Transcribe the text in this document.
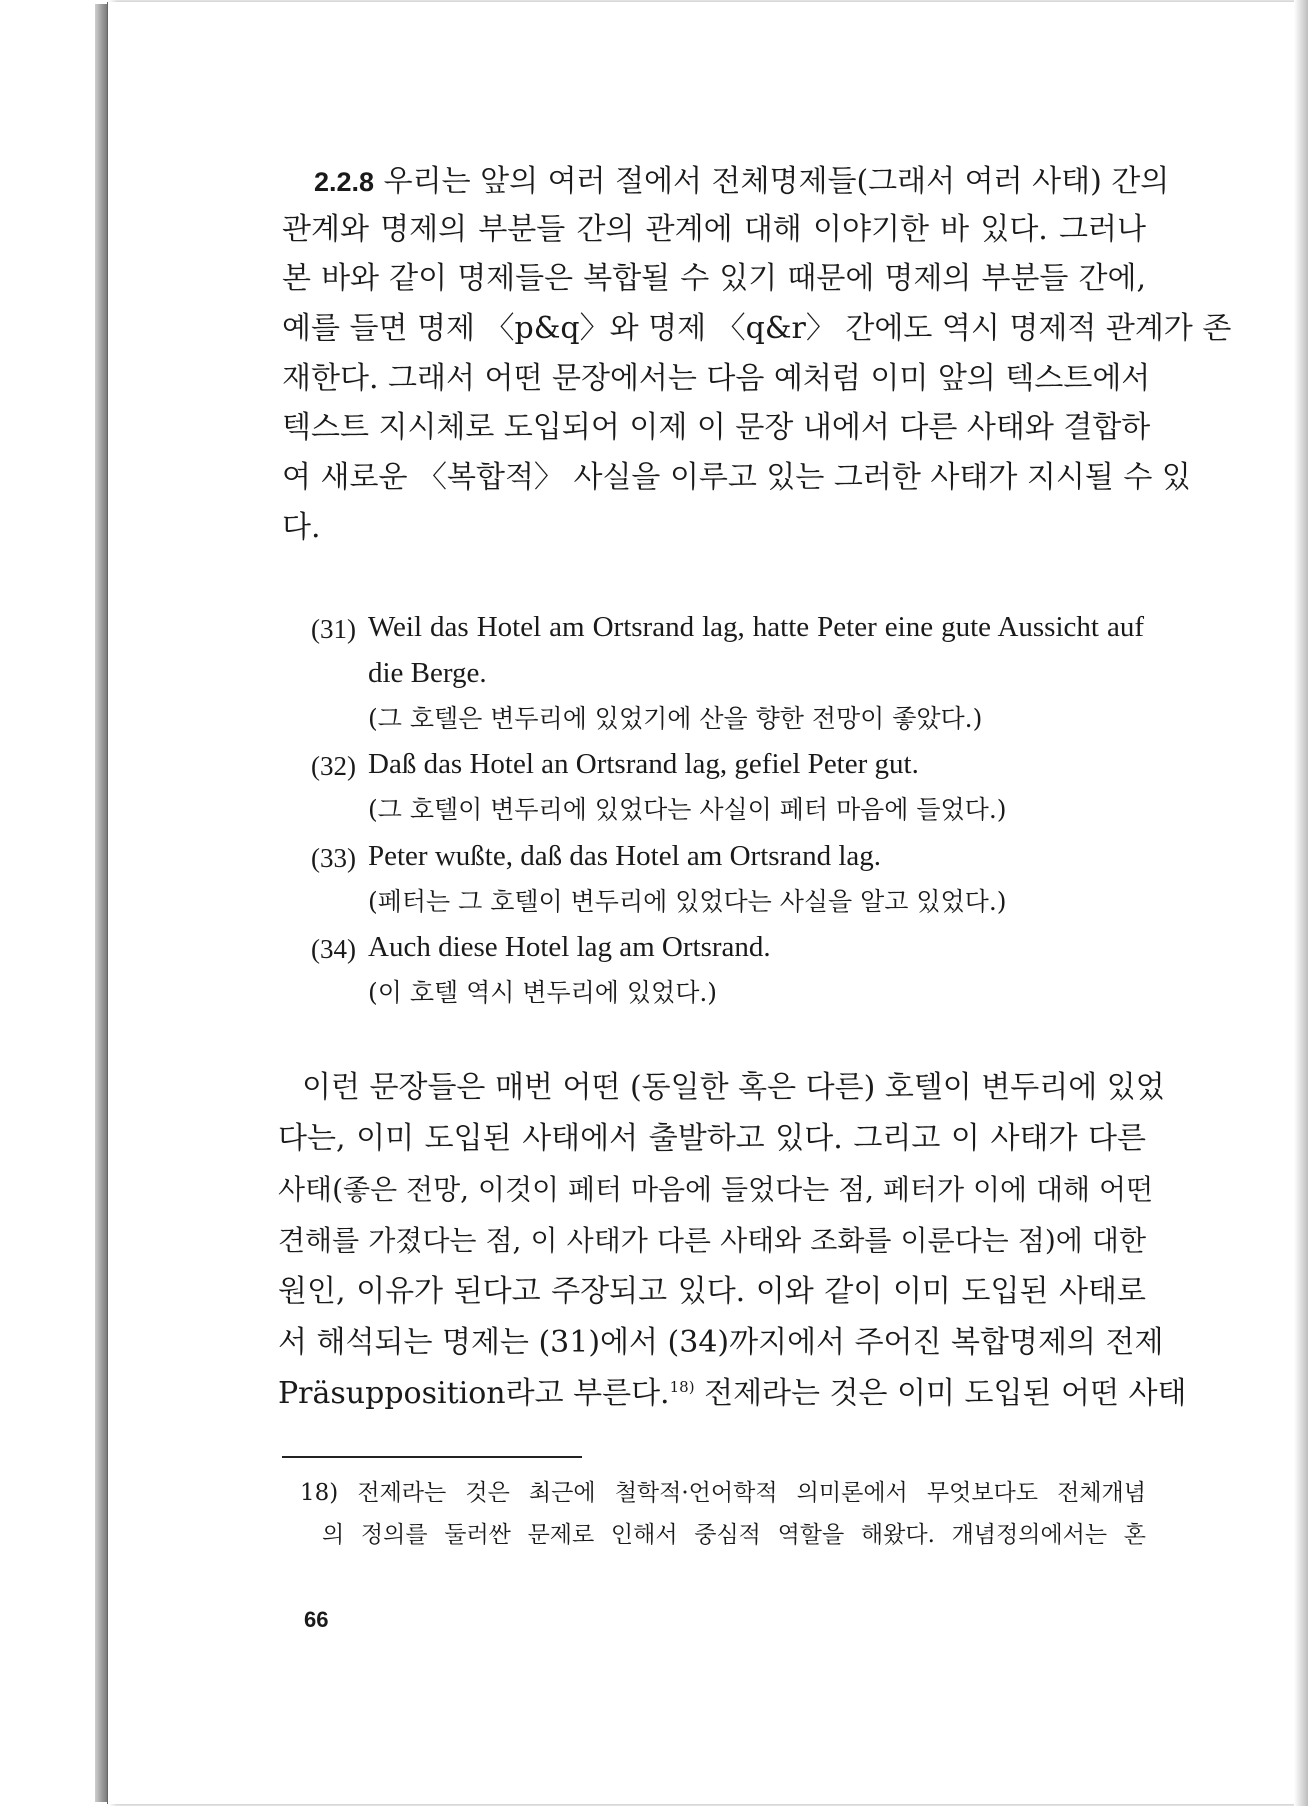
2.2.8 우리는 앞의 여러 절에서 전체명제들(그래서 여러 사태) 간의
관계와 명제의 부분들 간의 관계에 대해 이야기한 바 있다. 그러나
본 바와 같이 명제들은 복합될 수 있기 때문에 명제의 부분들 간에,
예를 들면 명제 〈p&q〉와 명제 〈q&r〉 간에도 역시 명제적 관계가 존
재한다. 그래서 어떤 문장에서는 다음 예처럼 이미 앞의 텍스트에서
텍스트 지시체로 도입되어 이제 이 문장 내에서 다른 사태와 결합하
여 새로운 〈복합적〉 사실을 이루고 있는 그러한 사태가 지시될 수 있
다.
(31) Weil das Hotel am Ortsrand lag, hatte Peter eine gute Aussicht auf
die Berge.
(그 호텔은 변두리에 있었기에 산을 향한 전망이 좋았다.)
(32) Daß das Hotel an Ortsrand lag, gefiel Peter gut.
(그 호텔이 변두리에 있었다는 사실이 페터 마음에 들었다.)
(33) Peter wußte, daß das Hotel am Ortsrand lag.
(페터는 그 호텔이 변두리에 있었다는 사실을 알고 있었다.)
(34) Auch diese Hotel lag am Ortsrand.
(이 호텔 역시 변두리에 있었다.)
이런 문장들은 매번 어떤 (동일한 혹은 다른) 호텔이 변두리에 있었
다는, 이미 도입된 사태에서 출발하고 있다. 그리고 이 사태가 다른
사태(좋은 전망, 이것이 페터 마음에 들었다는 점, 페터가 이에 대해 어떤
견해를 가졌다는 점, 이 사태가 다른 사태와 조화를 이룬다는 점)에 대한
원인, 이유가 된다고 주장되고 있다. 이와 같이 이미 도입된 사태로
서 해석되는 명제는 (31)에서 (34)까지에서 주어진 복합명제의 전제
Präsupposition라고 부른다.$^{18)}$ 전제라는 것은 이미 도입된 어떤 사태
18) 전제라는 것은 최근에 철학적·언어학적 의미론에서 무엇보다도 전체개념
의 정의를 둘러싼 문제로 인해서 중심적 역할을 해왔다. 개념정의에서는 혼
66
